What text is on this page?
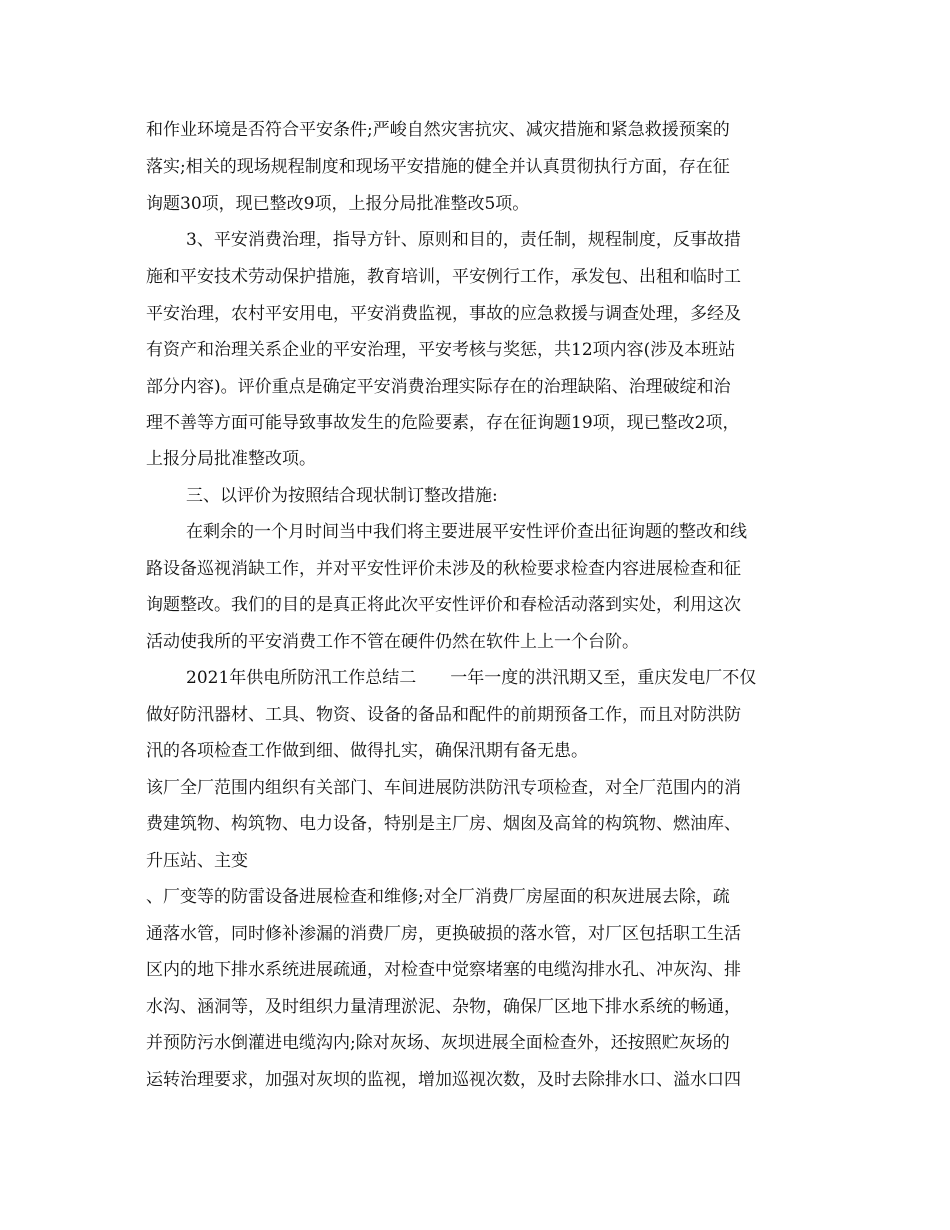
和作业环境是否符合平安条件;严峻自然灾害抗灾、减灾措施和紧急救援预案的
落实;相关的现场规程制度和现场平安措施的健全并认真贯彻执行方面，存在征
询题30项，现已整改9项，上报分局批准整改5项。
3、平安消费治理，指导方针、原则和目的，责任制，规程制度，反事故措
施和平安技术劳动保护措施，教育培训，平安例行工作，承发包、出租和临时工
平安治理，农村平安用电，平安消费监视，事故的应急救援与调查处理，多经及
有资产和治理关系企业的平安治理，平安考核与奖惩，共12项内容(涉及本班站
部分内容)。评价重点是确定平安消费治理实际存在的治理缺陷、治理破绽和治
理不善等方面可能导致事故发生的危险要素，存在征询题19项，现已整改2项，
上报分局批准整改项。
三、以评价为按照结合现状制订整改措施:
在剩余的一个月时间当中我们将主要进展平安性评价查出征询题的整改和线
路设备巡视消缺工作，并对平安性评价未涉及的秋检要求检查内容进展检查和征
询题整改。我们的目的是真正将此次平安性评价和春检活动落到实处，利用这次
活动使我所的平安消费工作不管在硬件仍然在软件上上一个台阶。
2021年供电所防汛工作总结二　　一年一度的洪汛期又至，重庆发电厂不仅
做好防汛器材、工具、物资、设备的备品和配件的前期预备工作，而且对防洪防
汛的各项检查工作做到细、做得扎实，确保汛期有备无患。
该厂全厂范围内组织有关部门、车间进展防洪防汛专项检查，对全厂范围内的消
费建筑物、构筑物、电力设备，特别是主厂房、烟囱及高耸的构筑物、燃油库、
升压站、主变
、厂变等的防雷设备进展检查和维修;对全厂消费厂房屋面的积灰进展去除，疏
通落水管，同时修补渗漏的消费厂房，更换破损的落水管，对厂区包括职工生活
区内的地下排水系统进展疏通，对检查中觉察堵塞的电缆沟排水孔、冲灰沟、排
水沟、涵洞等，及时组织力量清理淤泥、杂物，确保厂区地下排水系统的畅通，
并预防污水倒灌进电缆沟内;除对灰场、灰坝进展全面检查外，还按照贮灰场的
运转治理要求，加强对灰坝的监视，增加巡视次数，及时去除排水口、溢水口四
